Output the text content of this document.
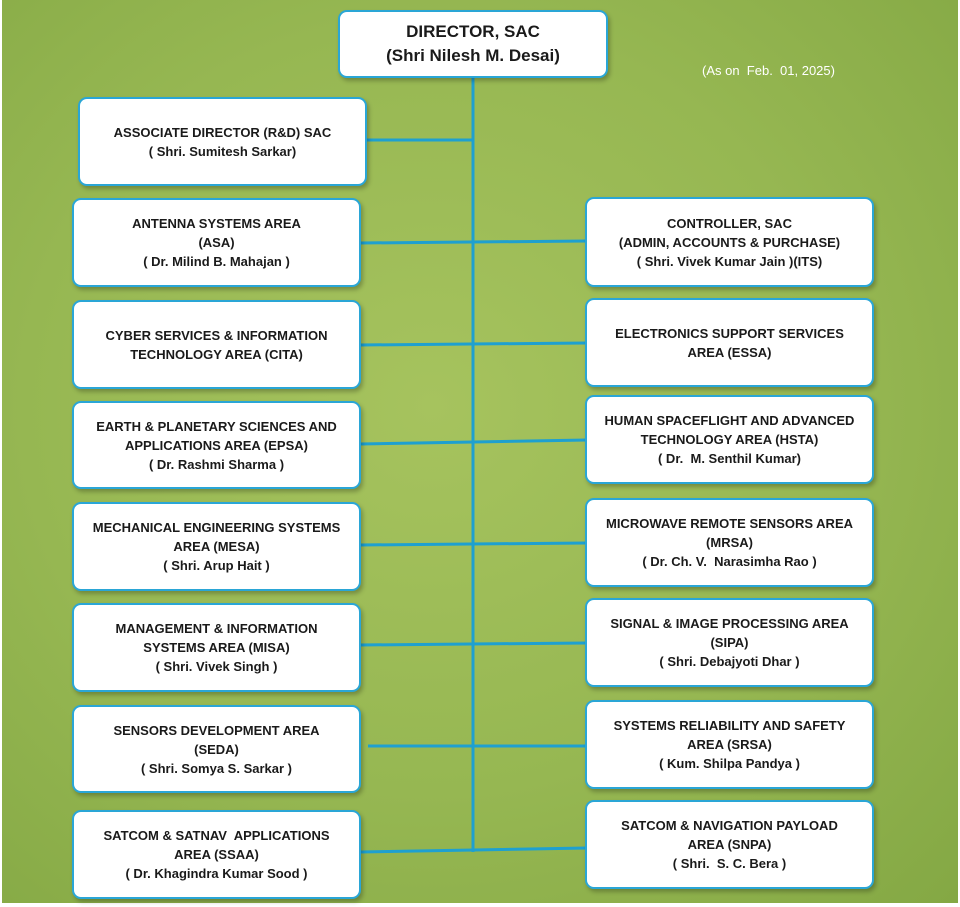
DIRECTOR, SAC
(Shri Nilesh M. Desai)
(As on  Feb.  01, 2025)
ASSOCIATE DIRECTOR (R&D) SAC
( Shri. Sumitesh Sarkar)
ANTENNA SYSTEMS AREA
(ASA)
( Dr. Milind B. Mahajan )
CYBER SERVICES & INFORMATION
TECHNOLOGY AREA (CITA)
EARTH & PLANETARY SCIENCES AND
APPLICATIONS AREA (EPSA)
( Dr. Rashmi Sharma )
MECHANICAL ENGINEERING SYSTEMS
AREA (MESA)
( Shri. Arup Hait )
MANAGEMENT & INFORMATION
SYSTEMS AREA (MISA)
( Shri. Vivek Singh )
SENSORS DEVELOPMENT AREA
(SEDA)
( Shri. Somya S. Sarkar )
SATCOM & SATNAV  APPLICATIONS
AREA (SSAA)
( Dr. Khagindra Kumar Sood )
CONTROLLER, SAC
(ADMIN, ACCOUNTS & PURCHASE)
( Shri. Vivek Kumar Jain )(ITS)
ELECTRONICS SUPPORT SERVICES
AREA (ESSA)
HUMAN SPACEFLIGHT AND ADVANCED
TECHNOLOGY AREA (HSTA)
( Dr.  M. Senthil Kumar)
MICROWAVE REMOTE SENSORS AREA
(MRSA)
( Dr. Ch. V.  Narasimha Rao )
SIGNAL & IMAGE PROCESSING AREA
(SIPA)
( Shri. Debajyoti Dhar )
SYSTEMS RELIABILITY AND SAFETY
AREA (SRSA)
( Kum. Shilpa Pandya )
SATCOM & NAVIGATION PAYLOAD
AREA (SNPA)
( Shri.  S. C. Bera )
